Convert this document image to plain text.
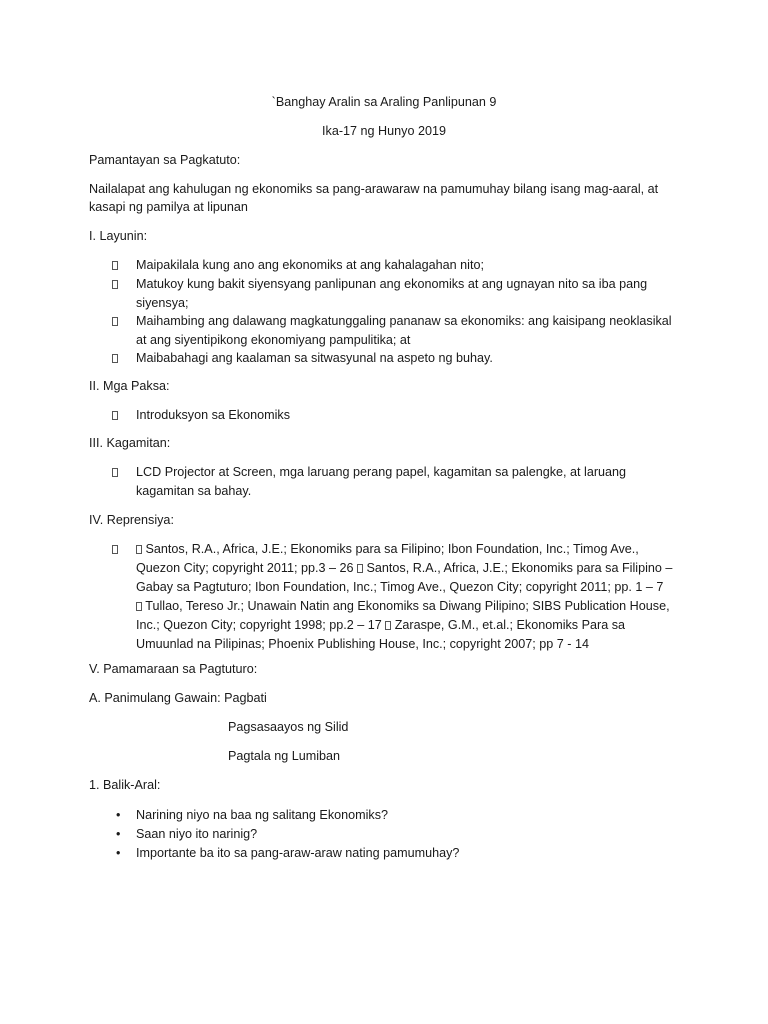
`Banghay Aralin sa Araling Panlipunan 9
Ika-17 ng Hunyo 2019
Pamantayan sa Pagkatuto:
Nailalapat ang kahulugan ng ekonomiks sa pang-arawaraw na pamumuhay bilang isang mag-aaral, at
kasapi ng pamilya at lipunan
I. Layunin:
Maipakilala kung ano ang ekonomiks at ang kahalagahan nito;
Matukoy kung bakit siyensyang panlipunan ang ekonomiks at ang ugnayan nito sa iba pang
siyensya;
Maihambing ang dalawang magkatunggaling pananaw sa ekonomiks: ang kaisipang neoklasikal
at ang siyentipikong ekonomiyang pampulitika; at
Maibabahagi ang kaalaman sa sitwasyunal na aspeto ng buhay.
II. Mga Paksa:
Introduksyon sa Ekonomiks
III. Kagamitan:
LCD Projector at Screen, mga laruang perang papel, kagamitan sa palengke, at laruang
kagamitan sa bahay.
IV. Reprensiya:
Santos, R.A., Africa, J.E.; Ekonomiks para sa Filipino; Ibon Foundation, Inc.; Timog Ave.,
Quezon City; copyright 2011; pp.3 – 26  Santos, R.A., Africa, J.E.; Ekonomiks para sa Filipino –
Gabay sa Pagtuturo; Ibon Foundation, Inc.; Timog Ave., Quezon City; copyright 2011; pp. 1 – 7
Tullao, Tereso Jr.; Unawain Natin ang Ekonomiks sa Diwang Pilipino; SIBS Publication House,
Inc.; Quezon City; copyright 1998; pp.2 – 17  Zaraspe, G.M., et.al.; Ekonomiks Para sa
Umuunlad na Pilipinas; Phoenix Publishing House, Inc.; copyright 2007; pp 7 - 14
V. Pamamaraan sa Pagtuturo:
A. Panimulang Gawain: Pagbati
Pagsasaayos ng Silid
Pagtala ng Lumiban
1. Balik-Aral:
•	Narining niyo na baa ng salitang Ekonomiks?
•	Saan niyo ito narinig?
•	Importante ba ito sa pang-araw-araw nating pamumuhay?
